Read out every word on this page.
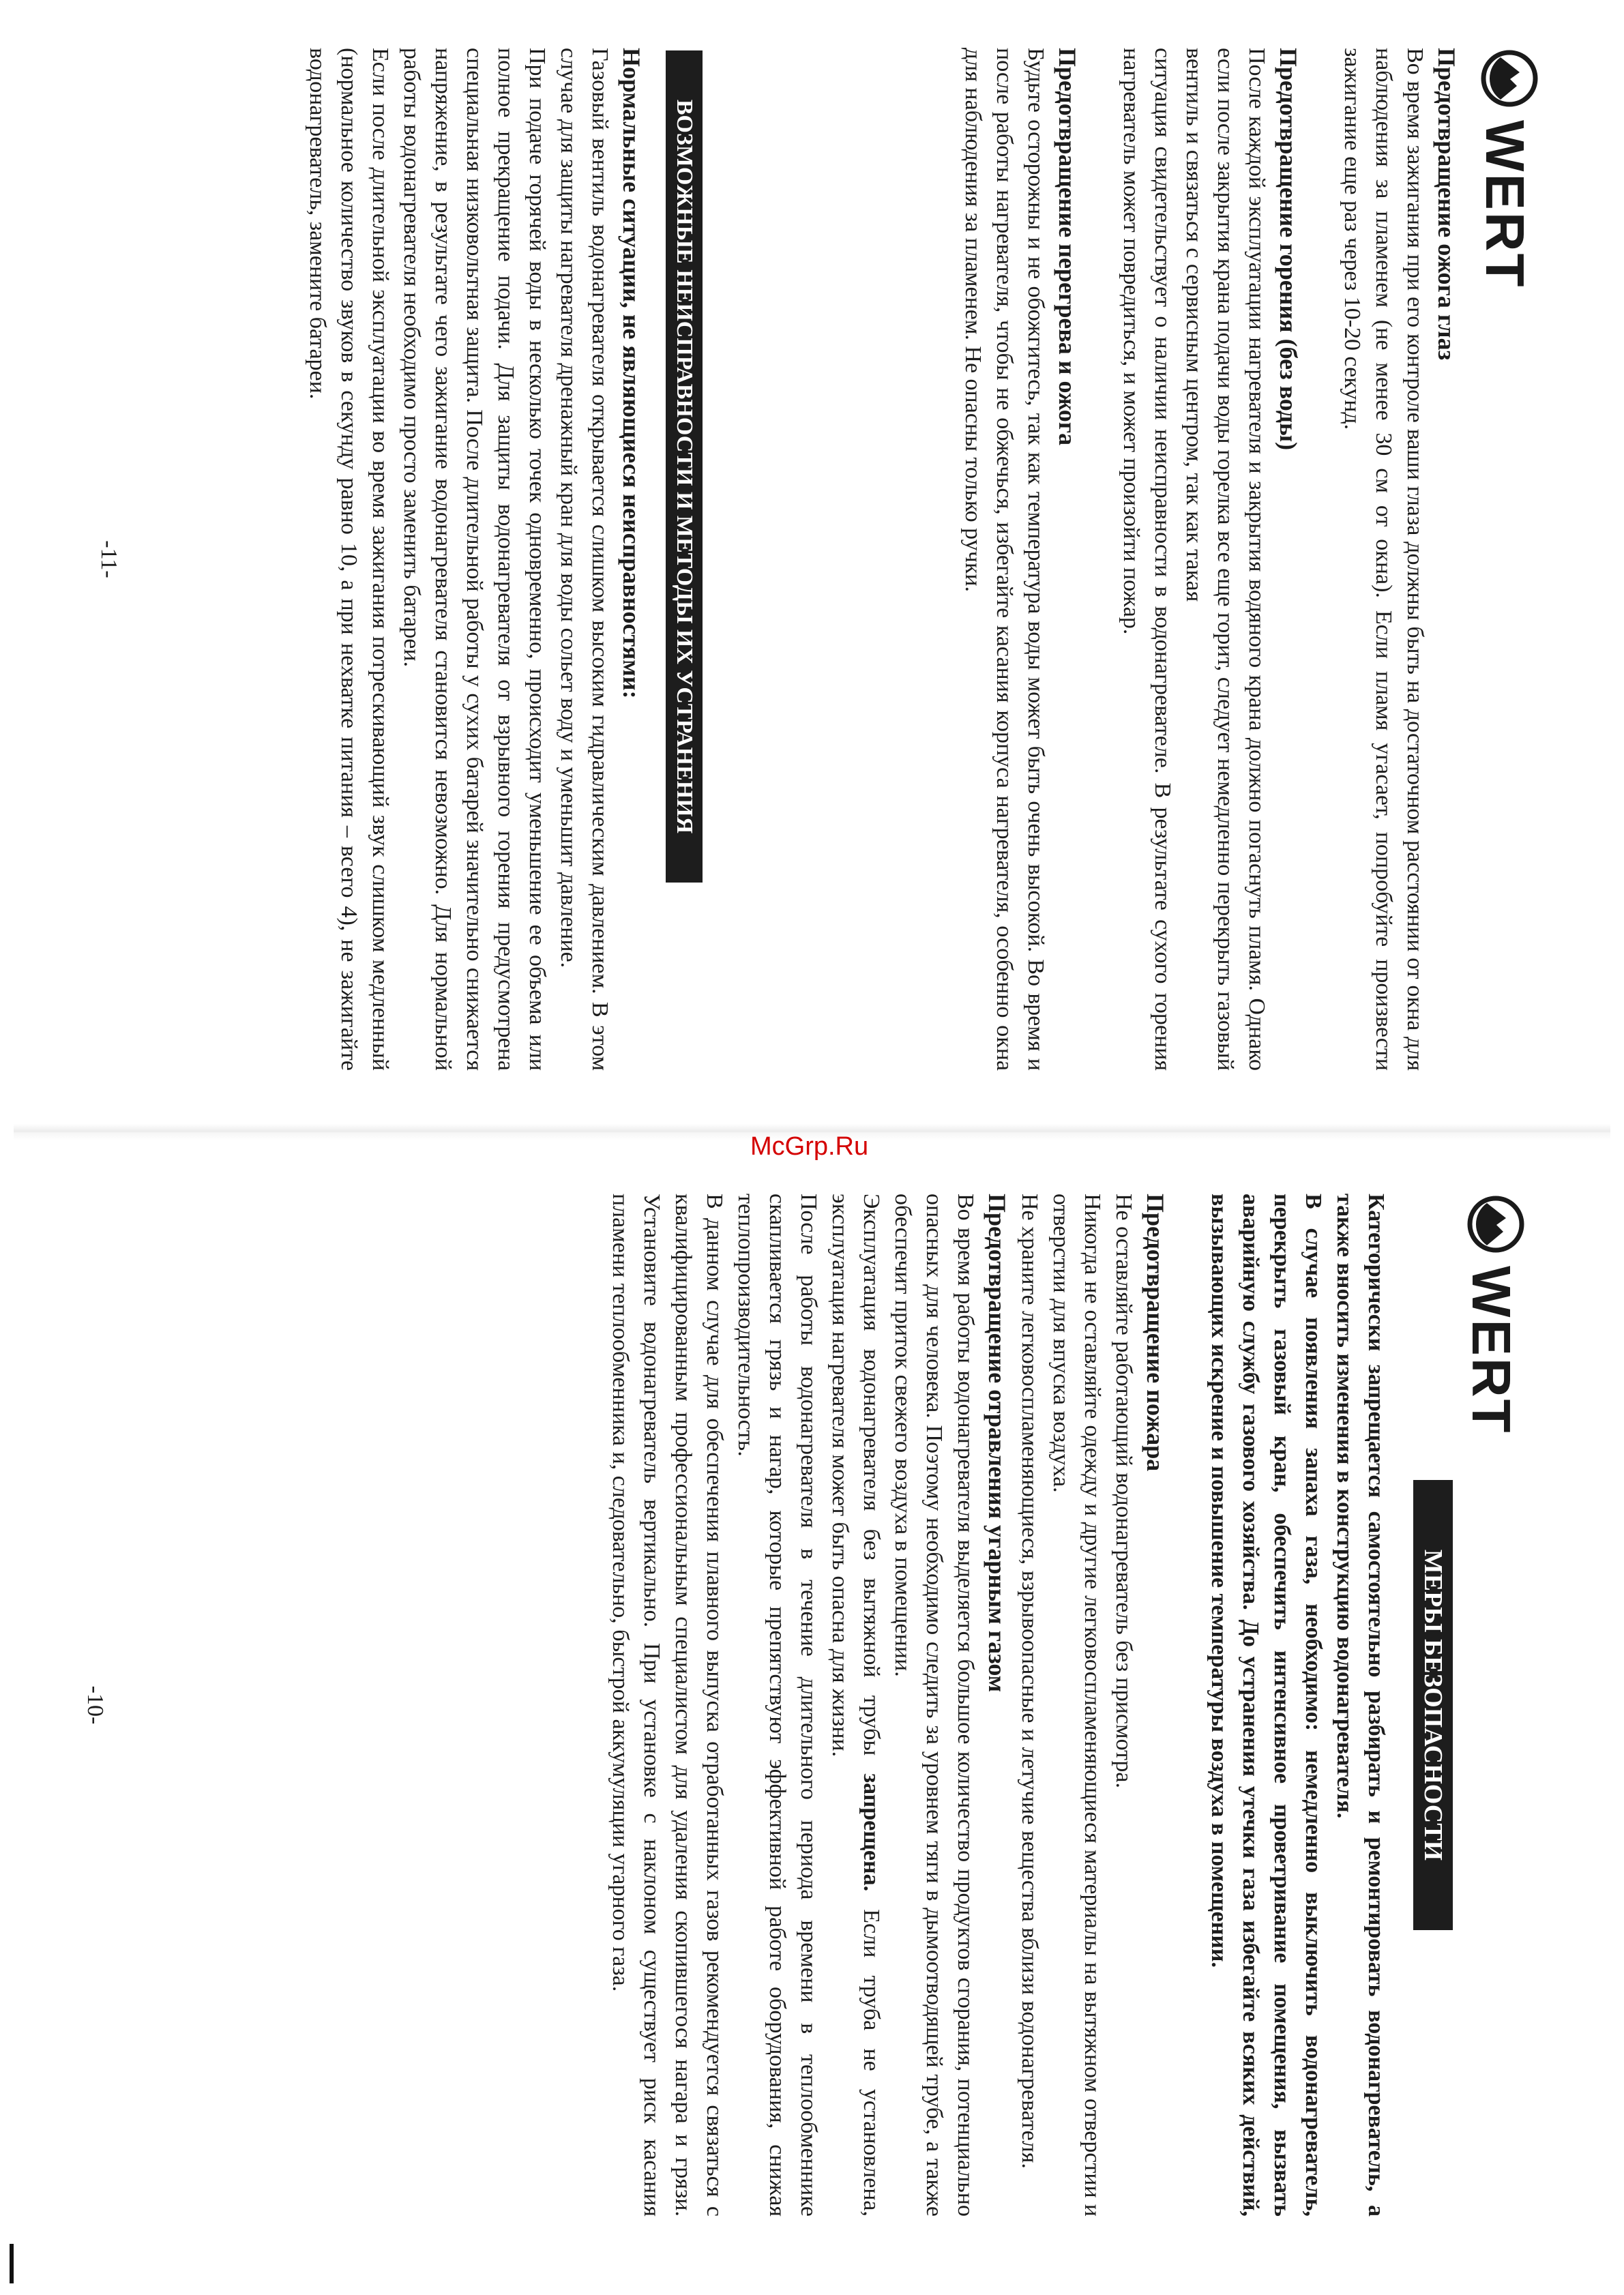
WERT
Предотвращение ожога глаз

Во время зажигания при его контроле ваши глаза должны быть на достаточном расстоянии от окна для наблюдения за пламенем (не менее 30 см от окна). Если пламя угасает, попробуйте произвести зажигание еще раз через 10-20 секунд.

Предотвращение горения (без воды)

После каждой эксплуатации нагревателя и закрытия водяного крана должно погаснуть пламя. Однако если после закрытия крана подачи воды горелка все еще горит, следует немедленно перекрыть газовый вентиль и связаться с сервисным центром, так как такая

ситуация свидетельствует о наличии неисправности в водонагревателе. В результате сухого горения нагреватель может повредиться, и может произойти пожар.

Предотвращение перегрева и ожога

Будьте осторожны и не обожгитесь, так как температура воды может быть очень высокой. Во время и после работы нагревателя, чтобы не обжечься, избегайте касания корпуса нагревателя, особенно окна для наблюдения за пламенем. Не опасны только ручки.

ВОЗМОЖНЫЕ НЕИСПРАВНОСТИ И МЕТОДЫ ИХ УСТРАНЕНИЯ
Нормальные ситуации, не являющиеся неисправностями:

Газовый вентиль водонагревателя открывается слишком высоким гидравлическим давлением. В этом случае для защиты нагревателя дренажный кран для воды сольет воду и уменьшит давление.

При подаче горячей воды в несколько точек одновременно, происходит уменьшение ее объема или полное прекращение подачи. Для защиты водонагревателя от взрывного горения предусмотрена специальная низковольтная защита. После длительной работы у сухих батарей значительно снижается напряжение, в результате чего зажигание водонагревателя становится невозможно. Для нормальной работы водонагревателя необходимо просто заменить батареи.

Если после длительной эксплуатации во время зажигания потрескивающий звук слишком медленный (нормальное количество звуков в секунду равно 10, а при нехватке питания – всего 4), не зажигайте водонагреватель, замените батареи.

-11-
WERT
МЕРЫ БЕЗОПАСНОСТИ

Категорически запрещается самостоятельно разбирать и ремонтировать водонагреватель, а также вносить изменения в конструкцию водонагревателя.

В случае появления запаха газа, необходимо: немедленно выключить водонагреватель, перекрыть газовый кран, обеспечить интенсивное проветривание помещения, вызвать аварийную службу газового хозяйства. До устранения утечки газа избегайте всяких действий, вызывающих искрение и повышение температуры воздуха в помещении.

Предотвращение пожара

Не оставляйте работающий водонагреватель без присмотра.

Никогда не оставляйте одежду и другие легковоспламеняющиеся материалы на вытяжном отверстии и отверстии для впуска воздуха.

Не храните легковоспламеняющиеся, взрывоопасные и летучие вещества вблизи водонагревателя.

Предотвращение отравления угарным газом

Во время работы водонагревателя выделяется большое количество продуктов сгорания, потенциально опасных для человека. Поэтому необходимо следить за уровнем тяги в дымоотводящей трубе, а также обеспечит приток свежего воздуха в помещении.

Эксплуатация водонагревателя без вытяжной трубы запрещена. Если труба не установлена, эксплуатация нагревателя может быть опасна для жизни.

После работы водонагревателя в течение длительного периода времени в теплообменнике скапливается грязь и нагар, которые препятствуют эффективной работе оборудования, снижая теплопроизводительность.

В данном случае для обеспечения плавного выпуска отработанных газов рекомендуется связаться с квалифицированным профессиональным специалистом для удаления скопившегося нагара и грязи. Установите водонагреватель вертикально. При установке с наклоном существует риск касания пламени теплообменника и, следовательно, быстрой аккумуляции угарного газа.

-10-
McGrp.Ru
